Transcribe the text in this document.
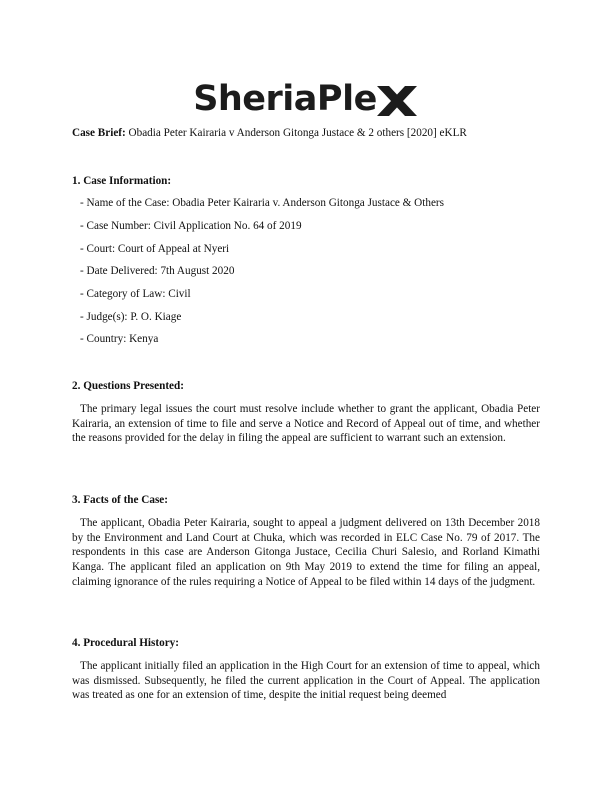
SheriaPle
Case Brief: Obadia Peter Kairaria v Anderson Gitonga Justace & 2 others [2020] eKLR
1. Case Information:
- Name of the Case: Obadia Peter Kairaria v. Anderson Gitonga Justace & Others
- Case Number: Civil Application No. 64 of 2019
- Court: Court of Appeal at Nyeri
- Date Delivered: 7th August 2020
- Category of Law: Civil
- Judge(s): P. O. Kiage
- Country: Kenya
2. Questions Presented:

The primary legal issues the court must resolve include whether to grant the applicant, Obadia Peter Kairaria, an extension of time to file and serve a Notice and Record of Appeal out of time, and whether the reasons provided for the delay in filing the appeal are sufficient to warrant such an extension.

3. Facts of the Case:

The applicant, Obadia Peter Kairaria, sought to appeal a judgment delivered on 13th December 2018 by the Environment and Land Court at Chuka, which was recorded in ELC Case No. 79 of 2017. The respondents in this case are Anderson Gitonga Justace, Cecilia Churi Salesio, and Rorland Kimathi Kanga. The applicant filed an application on 9th May 2019 to extend the time for filing an appeal, claiming ignorance of the rules requiring a Notice of Appeal to be filed within 14 days of the judgment.

4. Procedural History:

The applicant initially filed an application in the High Court for an extension of time to appeal, which was dismissed. Subsequently, he filed the current application in the Court of Appeal. The application was treated as one for an extension of time, despite the initial request being deemed
